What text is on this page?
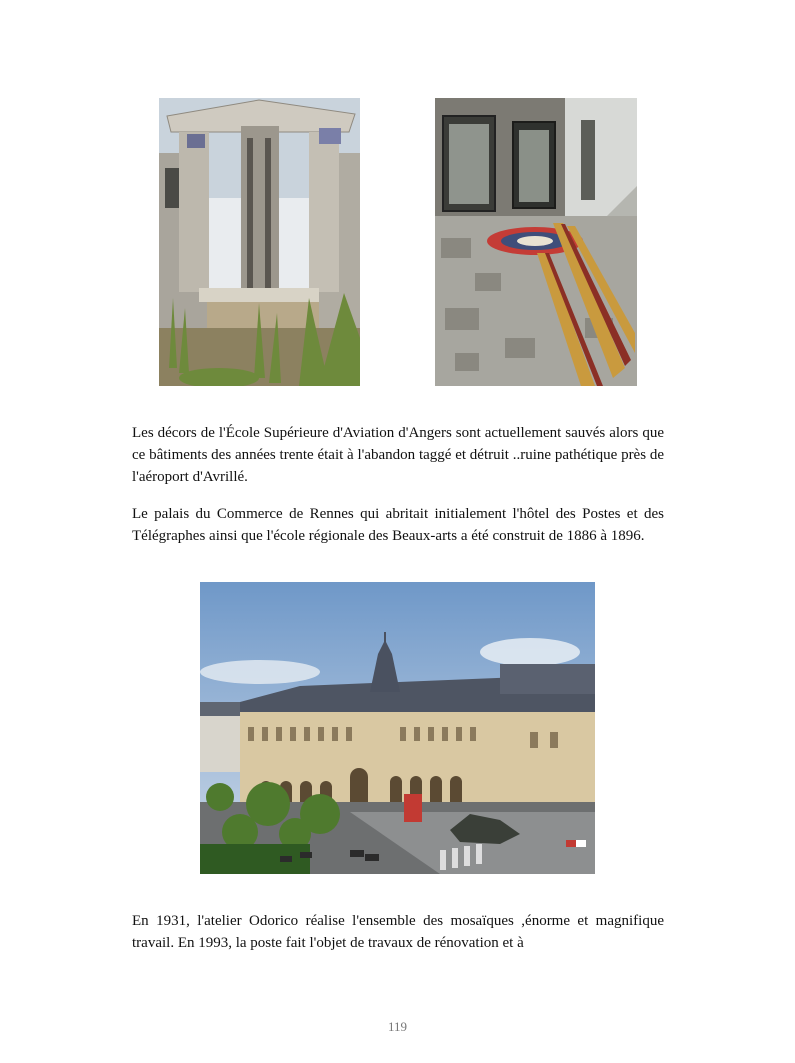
Les décors de l'École Supérieure d'Aviation d'Angers sont actuellement sauvés alors que ce bâtiments des années trente était à l'abandon taggé et détruit ..ruine pathétique près de l'aéroport d'Avrillé.

Le palais du Commerce de Rennes qui abritait initialement l'hôtel des Postes et des Télégraphes ainsi que l'école régionale des Beaux-arts a été construit de 1886 à 1896.

En 1931, l'atelier Odorico réalise l'ensemble des mosaïques ,énorme et magnifique travail. En 1993, la poste fait l'objet de travaux de rénovation et à

119
